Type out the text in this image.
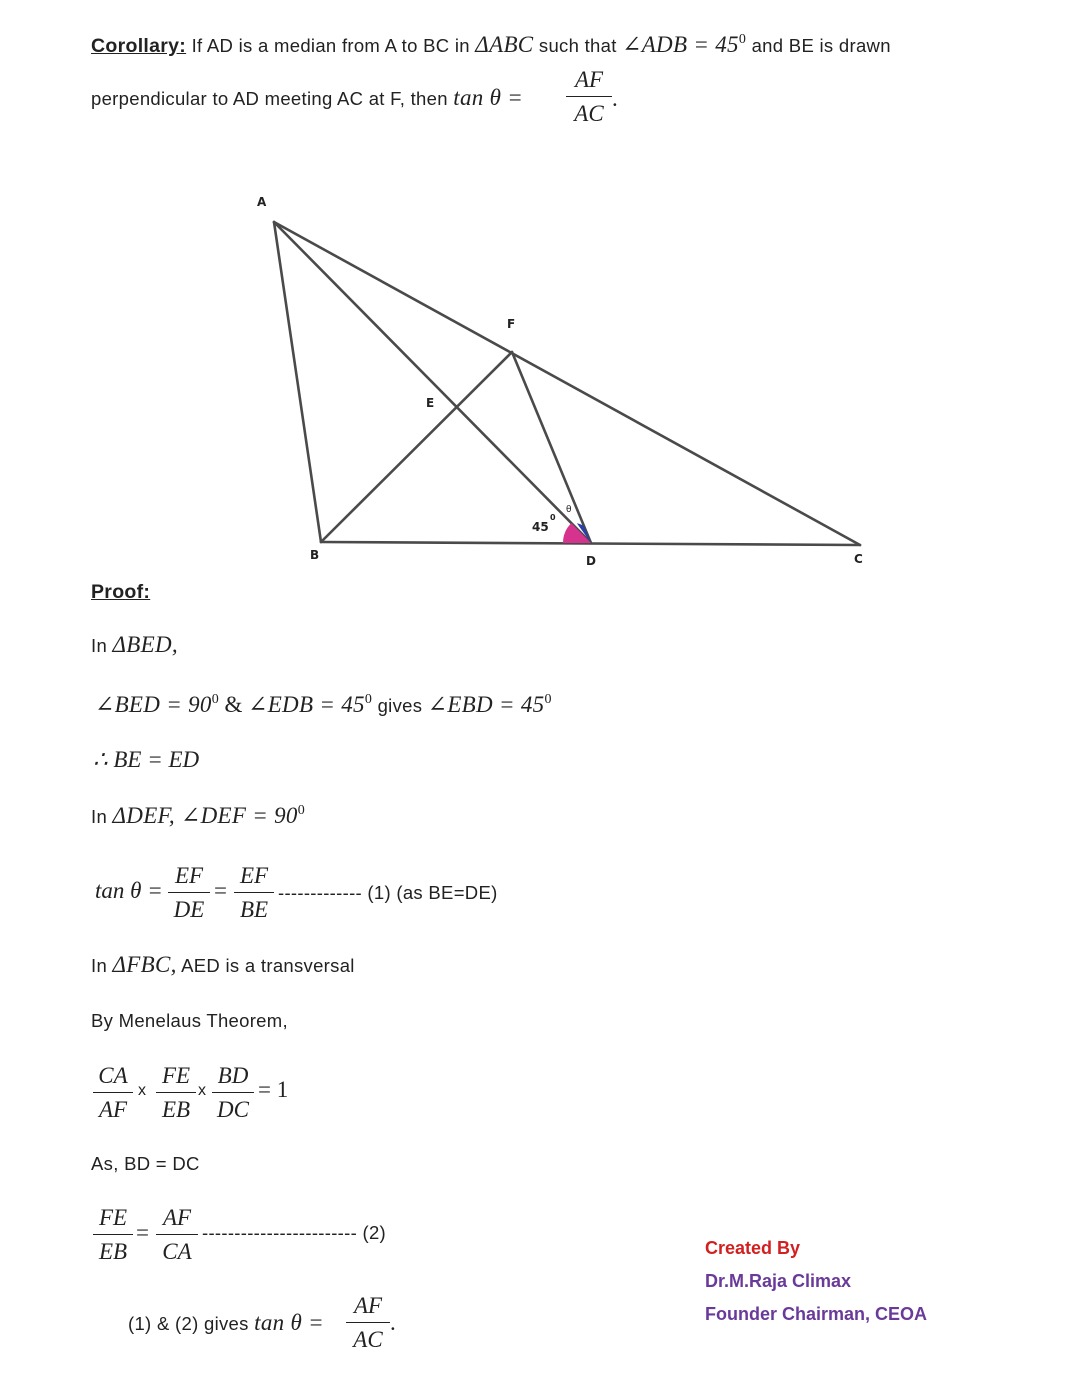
Corollary: If AD is a median from A to BC in ΔABC such that ∠ADB = $45^0$ and BE is drawn
perpendicular to AD meeting AC at F, then tan θ =
AF
AC
.
A
B	C
D
E
F
45
0
θ
Proof:
In ΔBED,
∠BED = $90^0$ & ∠EDB = $45^0$ gives ∠EBD = $45^0$
∴ BE = ED
In ΔDEF, ∠DEF = $90^0$
tan θ =
EF
DE
=
EF
BE
------------- (1) (as BE=DE)
In ΔFBC, AED is a transversal
By Menelaus Theorem,
CA
AF
x
FE
EB
x
BD
DC
= 1
As, BD = DC
FE
EB
=
AF
CA
------------------------ (2)
(1) & (2) gives tan θ =
AF
AC
.
Created By
Dr.M.Raja Climax
Founder Chairman, CEOA
